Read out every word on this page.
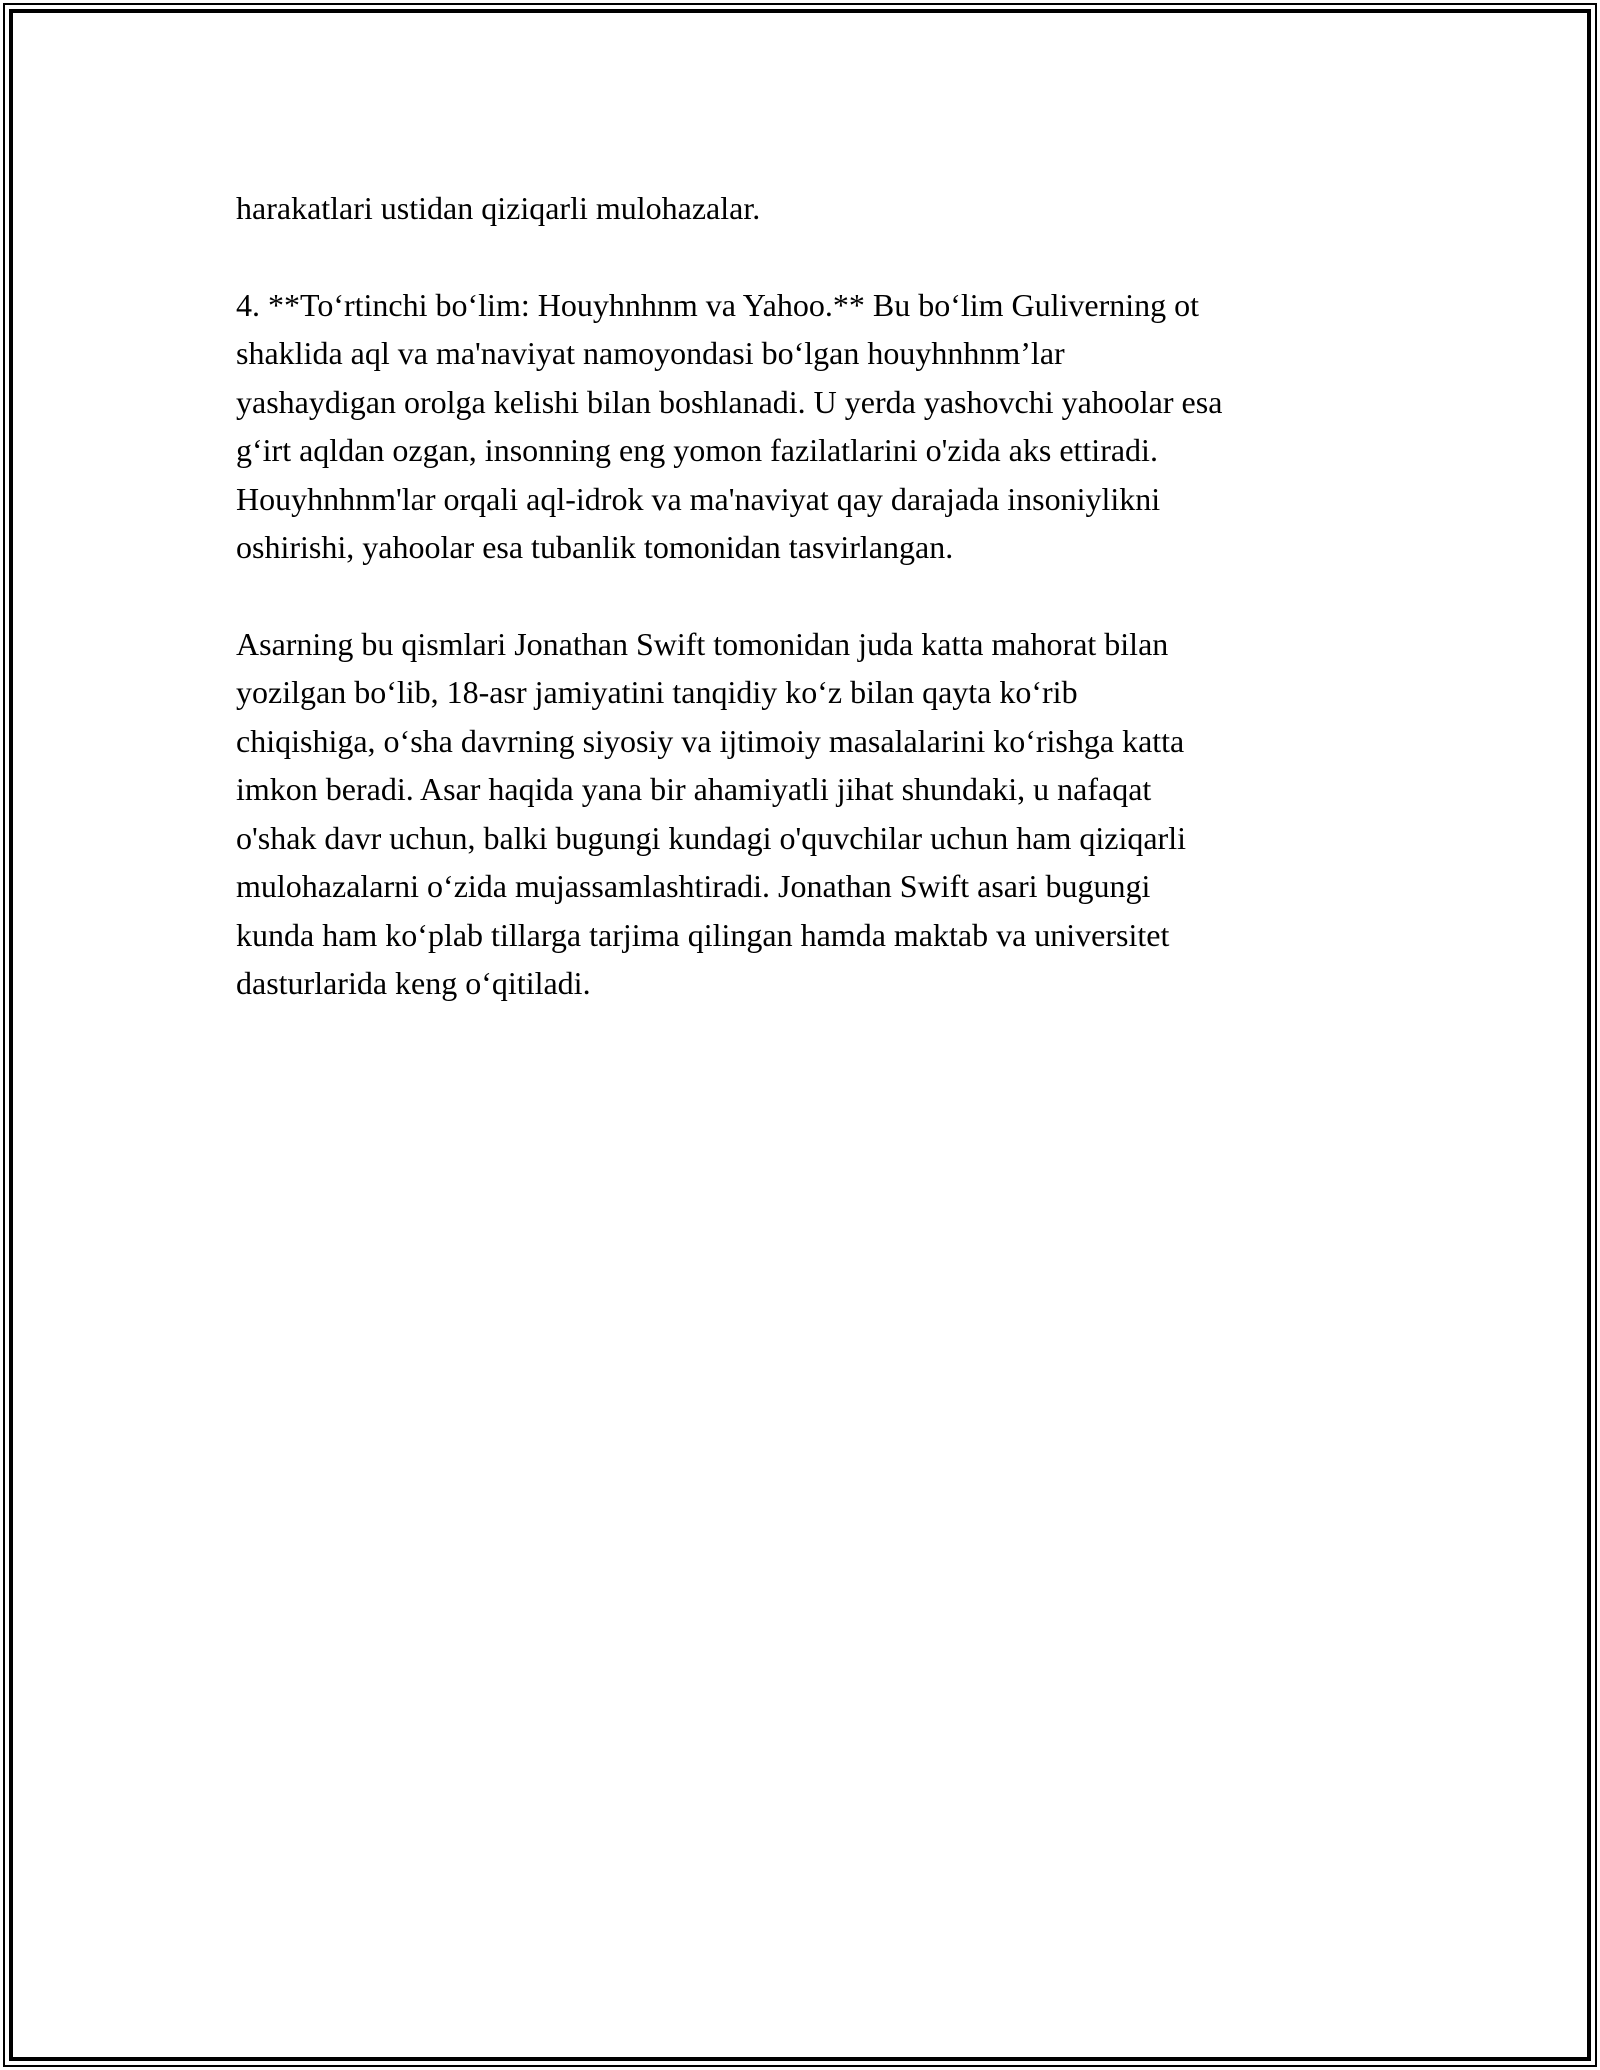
harakatlari ustidan qiziqarli mulohazalar.

4. **To‘rtinchi bo‘lim: Houyhnhnm va Yahoo.** Bu bo‘lim Guliverning ot
shaklida aql va ma'naviyat namoyondasi bo‘lgan houyhnhnm’lar
yashaydigan orolga kelishi bilan boshlanadi. U yerda yashovchi yahoolar esa
g‘irt aqldan ozgan, insonning eng yomon fazilatlarini o'zida aks ettiradi.
Houyhnhnm'lar orqali aql-idrok va ma'naviyat qay darajada insoniylikni
oshirishi, yahoolar esa tubanlik tomonidan tasvirlangan.

Asarning bu qismlari Jonathan Swift tomonidan juda katta mahorat bilan
yozilgan bo‘lib, 18-asr jamiyatini tanqidiy ko‘z bilan qayta ko‘rib
chiqishiga, o‘sha davrning siyosiy va ijtimoiy masalalarini ko‘rishga katta
imkon beradi. Asar haqida yana bir ahamiyatli jihat shundaki, u nafaqat
o'shak davr uchun, balki bugungi kundagi o'quvchilar uchun ham qiziqarli
mulohazalarni o‘zida mujassamlashtiradi. Jonathan Swift asari bugungi
kunda ham ko‘plab tillarga tarjima qilingan hamda maktab va universitet
dasturlarida keng o‘qitiladi.
